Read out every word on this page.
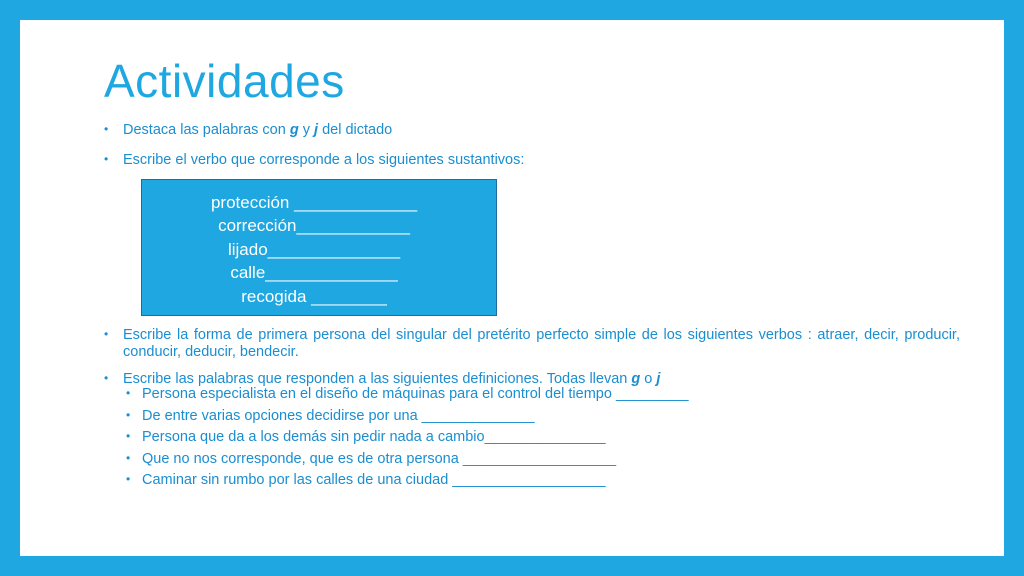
Actividades
• Destaca las palabras con g y j del dictado
• Escribe el verbo que corresponde a los siguientes sustantivos:
protección _____________
corrección____________
lijado______________
calle______________
recogida ________
• Escribe la forma de primera persona del singular del pretérito perfecto simple de los siguientes verbos : atraer, decir, producir, conducir, deducir, bendecir.
• Escribe las palabras que responden a las siguientes definiciones. Todas llevan g o j
• Persona especialista en el diseño de máquinas para el control del tiempo _________
• De entre varias opciones decidirse por una ______________
• Persona que da a los demás sin pedir nada a cambio_______________
• Que no nos corresponde, que es de otra persona ___________________
• Caminar sin rumbo por las calles de una ciudad ___________________
